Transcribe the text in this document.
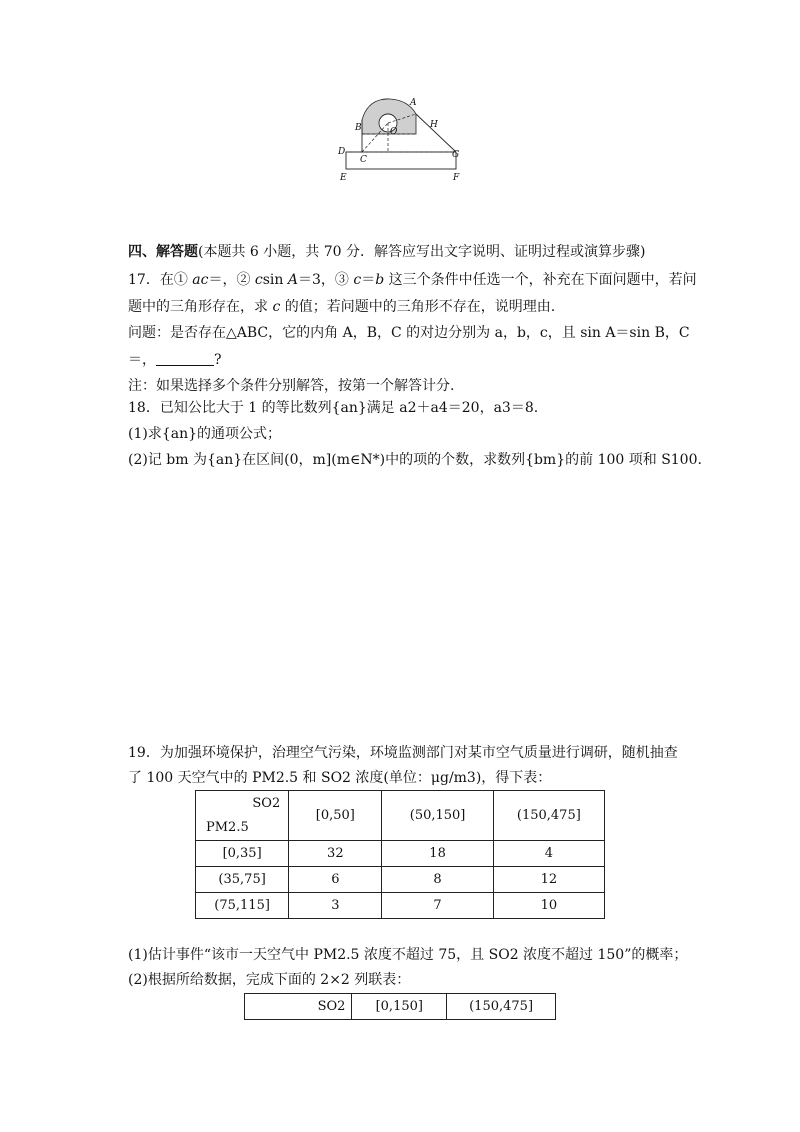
A
B	H
O
D
C	G
E	F
四、解答题(本题共 6 小题，共 70 分．解答应写出文字说明、证明过程或演算步骤)
17．在① ac＝，② csin A＝3，③ c＝b 这三个条件中任选一个，补充在下面问题中，若问
题中的三角形存在，求 c 的值；若问题中的三角形不存在，说明理由.
问题：是否存在△ABC，它的内角 A，B，C 的对边分别为 a，b，c，且 sin A＝sin B，C
＝，	?
注：如果选择多个条件分别解答，按第一个解答计分.
18．已知公比大于 1 的等比数列{an}满足 a2＋a4＝20，a3＝8.
(1)求{an}的通项公式；
(2)记 bm 为{an}在区间(0，m](m∈N*)中的项的个数，求数列{bm}的前 100 项和 S100.
19．为加强环境保护，治理空气污染，环境监测部门对某市空气质量进行调研，随机抽查
了 100 天空气中的 PM2.5 和 SO2 浓度(单位：μg/m3)，得下表：
SO2
PM2.5	[0,50]	(50,150]	(150,475]
[0,35]	32	18	4
(35,75]	6	8	12
(75,115]	3	7	10
(1)估计事件“该市一天空气中 PM2.5 浓度不超过 75，且 SO2 浓度不超过 150”的概率；
(2)根据所给数据，完成下面的 2×2 列联表：
SO2	[0,150]	(150,475]
